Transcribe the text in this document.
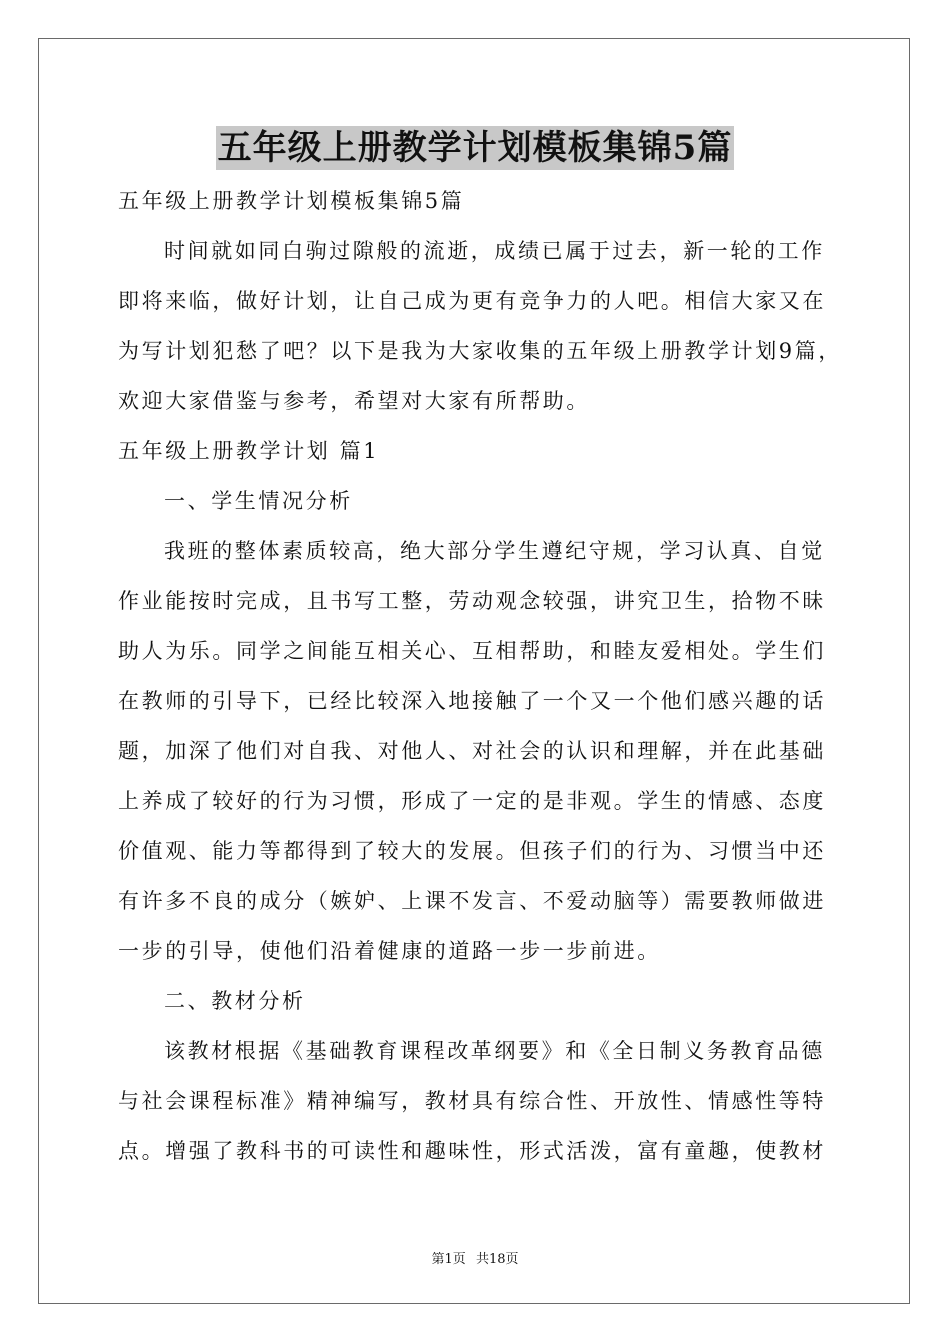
五年级上册教学计划模板集锦5篇
五年级上册教学计划模板集锦5篇
时间就如同白驹过隙般的流逝，成绩已属于过去，新一轮的工作
即将来临，做好计划，让自己成为更有竞争力的人吧。相信大家又在
为写计划犯愁了吧？以下是我为大家收集的五年级上册教学计划9篇，
欢迎大家借鉴与参考，希望对大家有所帮助。
五年级上册教学计划 篇1
一、学生情况分析
我班的整体素质较高，绝大部分学生遵纪守规，学习认真、自觉
作业能按时完成，且书写工整，劳动观念较强，讲究卫生，拾物不昧
助人为乐。同学之间能互相关心、互相帮助，和睦友爱相处。学生们
在教师的引导下，已经比较深入地接触了一个又一个他们感兴趣的话
题，加深了他们对自我、对他人、对社会的认识和理解，并在此基础
上养成了较好的行为习惯，形成了一定的是非观。学生的情感、态度
价值观、能力等都得到了较大的发展。但孩子们的行为、习惯当中还
有许多不良的成分（嫉妒、上课不发言、不爱动脑等）需要教师做进
一步的引导，使他们沿着健康的道路一步一步前进。
二、教材分析
该教材根据《基础教育课程改革纲要》和《全日制义务教育品德
与社会课程标准》精神编写，教材具有综合性、开放性、情感性等特
点。增强了教科书的可读性和趣味性，形式活泼，富有童趣，使教材
第1页 共18页
